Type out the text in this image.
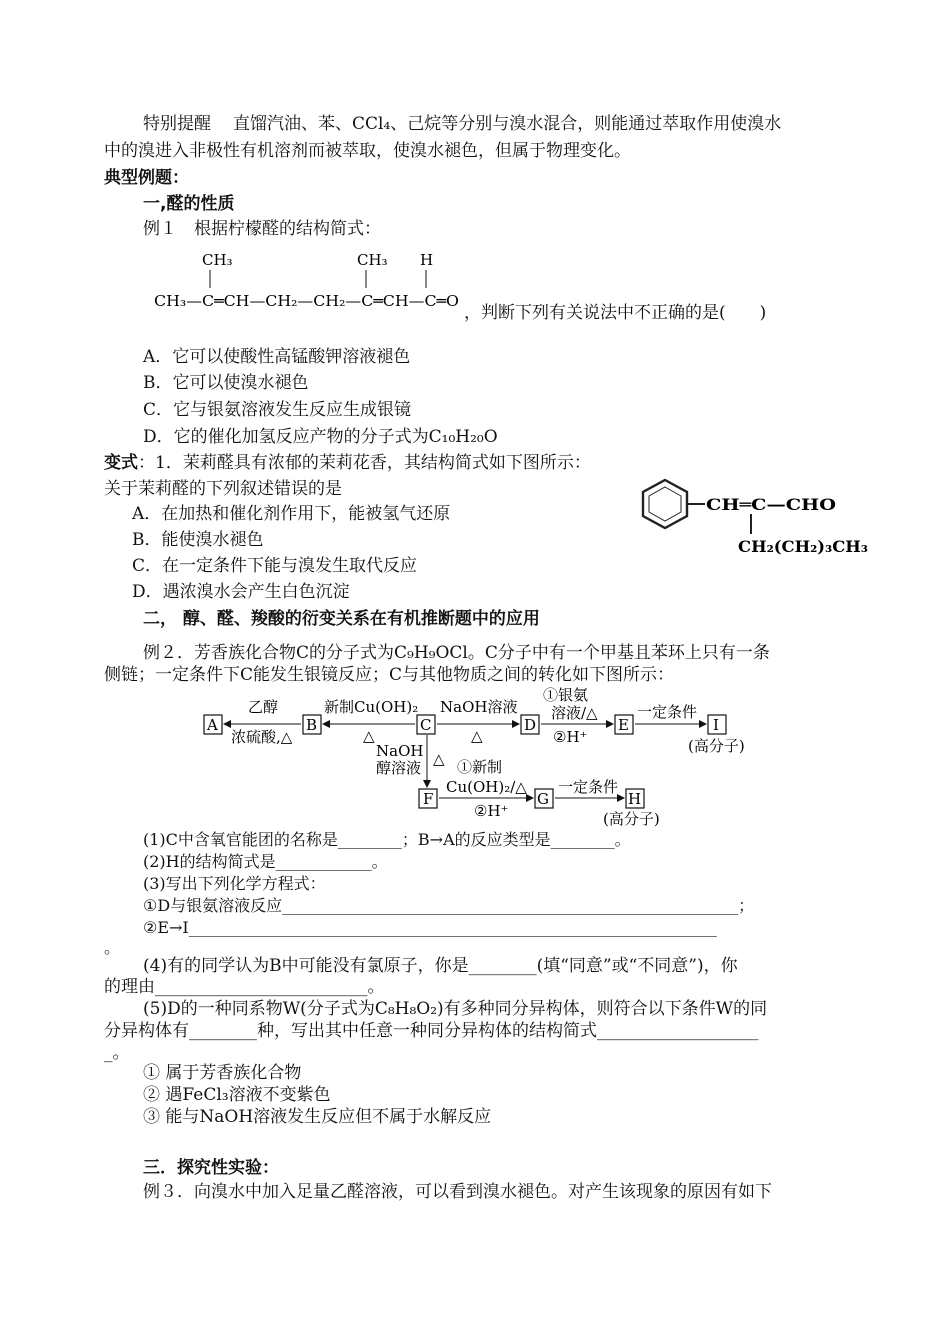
特别提醒 直馏汽油、苯、CCl₄、己烷等分别与溴水混合，则能通过萃取作用使溴水
中的溴进入非极性有机溶剂而被萃取，使溴水褪色，但属于物理变化。
典型例题：
一,醛的性质
例１　根据柠檬醛的结构简式：
CH₃	CH₃ H
CH₃—C═CH—CH₂—CH₂—C═CH—C═O
，判断下列有关说法中不正确的是(　　)
A．它可以使酸性高锰酸钾溶液褪色
B．它可以使溴水褪色
C．它与银氨溶液发生反应生成银镜
D．它的催化加氢反应产物的分子式为C₁₀H₂₀O
变式：1．茉莉醛具有浓郁的茉莉花香，其结构简式如下图所示：
关于茉莉醛的下列叙述错误的是
A．在加热和催化剂作用下，能被氢气还原
B．能使溴水褪色
C．在一定条件下能与溴发生取代反应
D．遇浓溴水会产生白色沉淀
CH═C—CHO
CH₂(CH₂)₃CH₃
二， 醇、醛、羧酸的衍变关系在有机推断题中的应用
例２．芳香族化合物C的分子式为C₉H₉OCl。C分子中有一个甲基且苯环上只有一条
侧链；一定条件下C能发生银镜反应；C与其他物质之间的转化如下图所示：
A	B	C	D	E	I
F	G	H
乙醇
浓硫酸,△
新制Cu(OH)₂
△
NaOH溶液
△
①银氨
溶液/△
②H⁺
一定条件
(高分子)
NaOH
醇溶液 △ ①新制
Cu(OH)₂/△
②H⁺
一定条件
(高分子)
(1)C中含氧官能团的名称是________；B→A的反应类型是________。
(2)H的结构简式是____________。
(3)写出下列化学方程式：
①D与银氨溶液反应_________________________________________________________；
②E→I__________________________________________________________________
。
(4)有的同学认为B中可能没有氯原子，你是________(填“同意”或“不同意”)，你
的理由_________________________。
(5)D的一种同系物W(分子式为C₈H₈O₂)有多种同分异构体，则符合以下条件W的同
分异构体有________种，写出其中任意一种同分异构体的结构简式___________________
_。
① 属于芳香族化合物
② 遇FeCl₃溶液不变紫色
③ 能与NaOH溶液发生反应但不属于水解反应
三．探究性实验：
例３．向溴水中加入足量乙醛溶液，可以看到溴水褪色。对产生该现象的原因有如下
